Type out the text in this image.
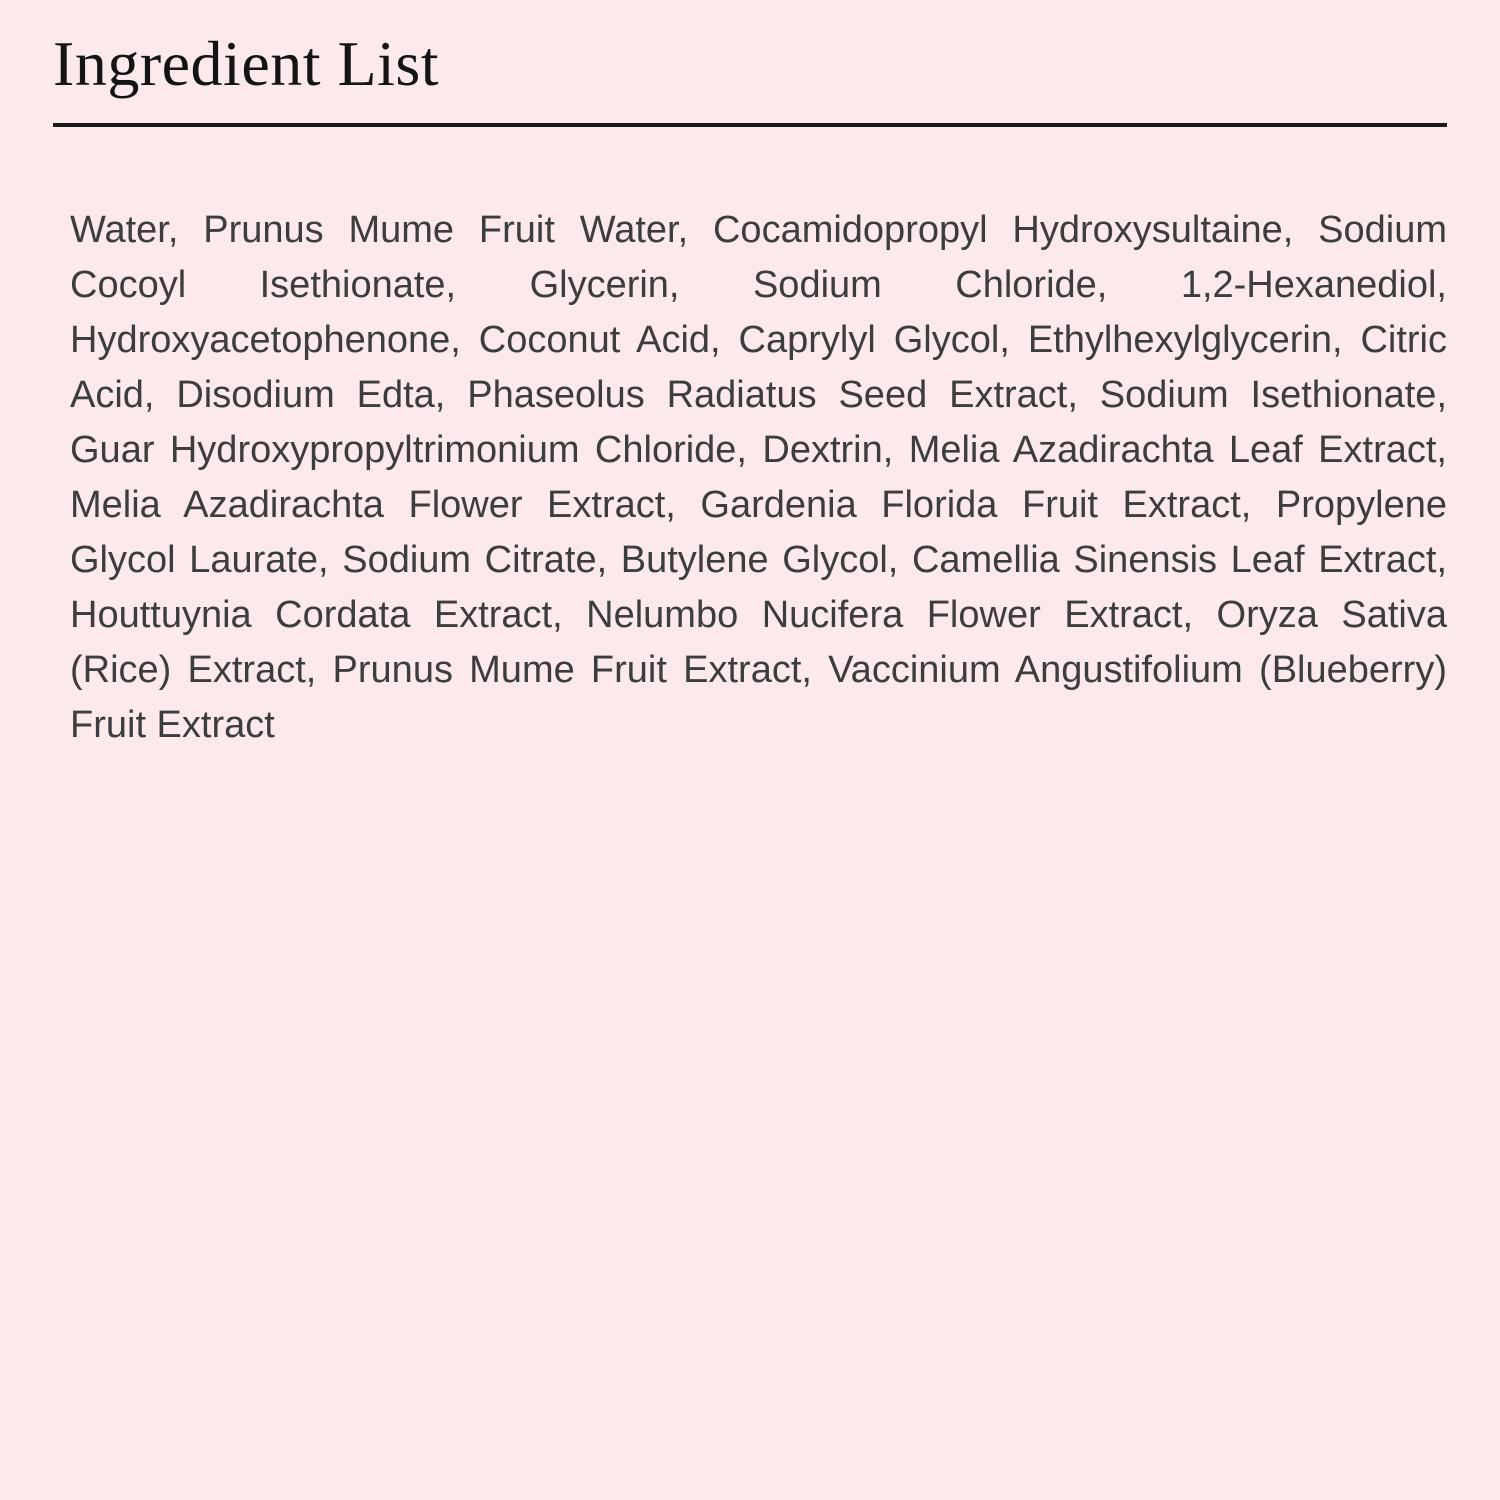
Ingredient List

Water, Prunus Mume Fruit Water, Cocamidopropyl Hydroxysultaine, Sodium Cocoyl Isethionate, Glycerin, Sodium Chloride, 1,2-Hexanediol, Hydroxyacetophenone, Coconut Acid, Caprylyl Glycol, Ethylhexylglycerin, Citric Acid, Disodium Edta, Phaseolus Radiatus Seed Extract, Sodium Isethionate, Guar Hydroxypropyltrimonium Chloride, Dextrin, Melia Azadirachta Leaf Extract, Melia Azadirachta Flower Extract, Gardenia Florida Fruit Extract, Propylene Glycol Laurate, Sodium Citrate, Butylene Glycol, Camellia Sinensis Leaf Extract, Houttuynia Cordata Extract, Nelumbo Nucifera Flower Extract, Oryza Sativa (Rice) Extract, Prunus Mume Fruit Extract, Vaccinium Angustifolium (Blueberry) Fruit Extract
